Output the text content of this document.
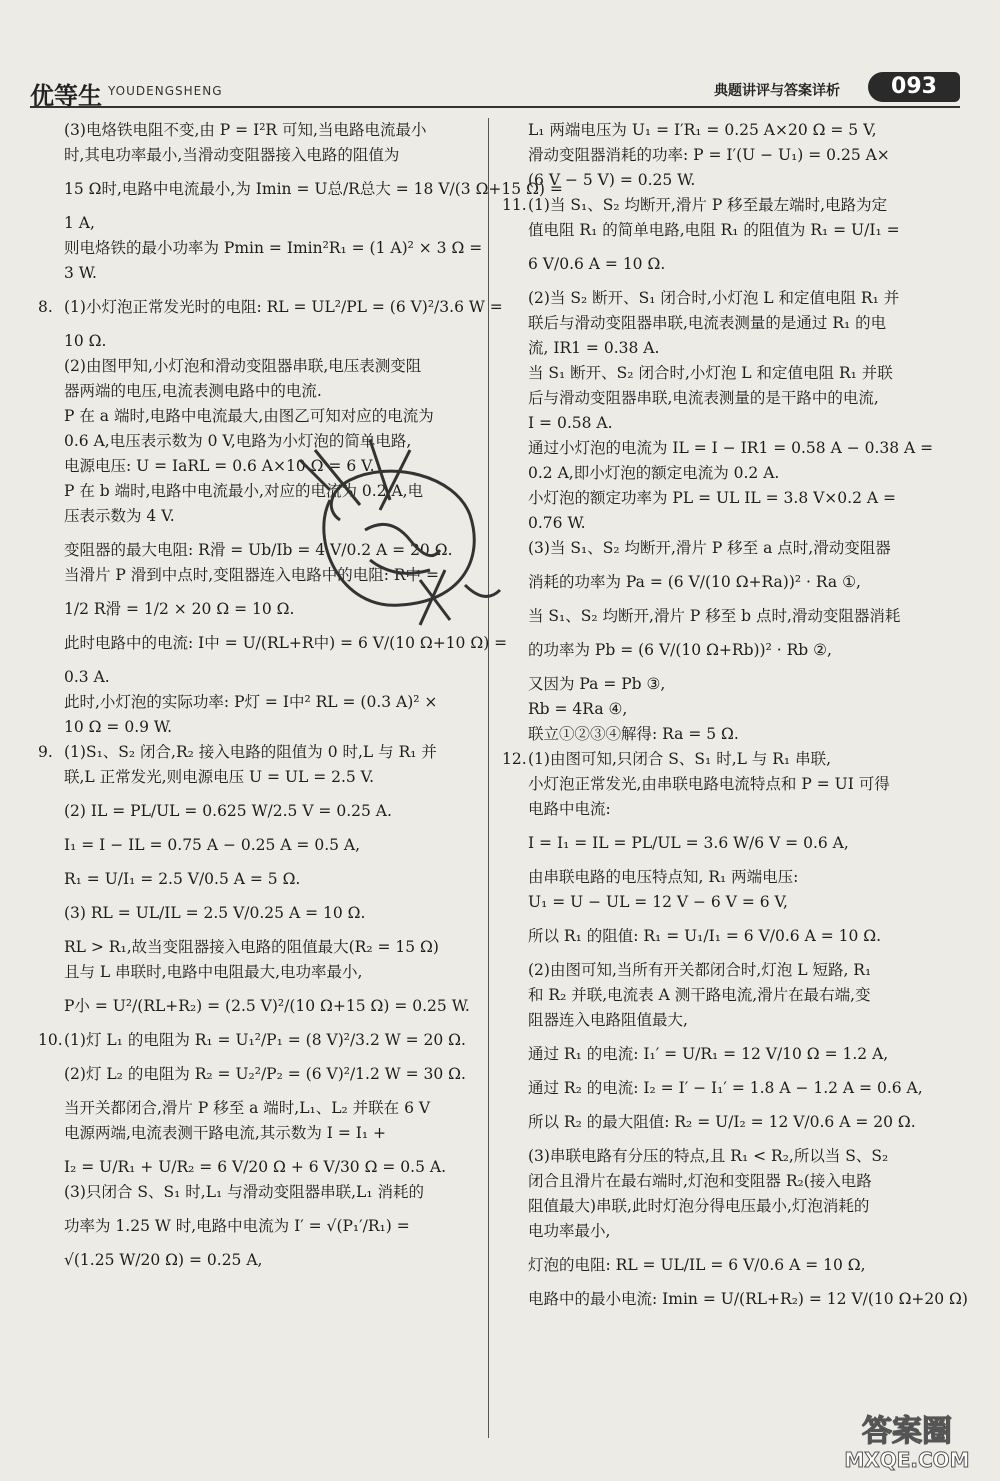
优等生 YOUDENGSHENG	典题讲评与答案详析	093
(3)电烙铁电阻不变,由 P = I²R 可知,当电路电流最小
时,其电功率最小,当滑动变阻器接入电路的阻值为
15 Ω时,电路中电流最小,为 Imin = U总/R总大 = 18 V/(3 Ω+15 Ω) =
1 A,
则电烙铁的最小功率为 Pmin = Imin²R₁ = (1 A)² × 3 Ω =
3 W.
8. (1)小灯泡正常发光时的电阻: RL = UL²/PL = (6 V)²/3.6 W =
10 Ω.
(2)由图甲知,小灯泡和滑动变阻器串联,电压表测变阻
器两端的电压,电流表测电路中的电流.
P 在 a 端时,电路中电流最大,由图乙可知对应的电流为
0.6 A,电压表示数为 0 V,电路为小灯泡的简单电路,
电源电压: U = IaRL = 0.6 A×10 Ω = 6 V.
P 在 b 端时,电路中电流最小,对应的电流为 0.2 A,电
压表示数为 4 V.
变阻器的最大电阻: R滑 = Ub/Ib = 4 V/0.2 A = 20 Ω.
当滑片 P 滑到中点时,变阻器连入电路中的电阻: R中 =
1/2 R滑 = 1/2 × 20 Ω = 10 Ω.
此时电路中的电流: I中 = U/(RL+R中) = 6 V/(10 Ω+10 Ω) =
0.3 A.
此时,小灯泡的实际功率: P灯 = I中² RL = (0.3 A)² ×
10 Ω = 0.9 W.
9. (1)S₁、S₂ 闭合,R₂ 接入电路的阻值为 0 时,L 与 R₁ 并
联,L 正常发光,则电源电压 U = UL = 2.5 V.
(2) IL = PL/UL = 0.625 W/2.5 V = 0.25 A.
I₁ = I − IL = 0.75 A − 0.25 A = 0.5 A,
R₁ = U/I₁ = 2.5 V/0.5 A = 5 Ω.
(3) RL = UL/IL = 2.5 V/0.25 A = 10 Ω.
RL > R₁,故当变阻器接入电路的阻值最大(R₂ = 15 Ω)
且与 L 串联时,电路中电阻最大,电功率最小,
P小 = U²/(RL+R₂) = (2.5 V)²/(10 Ω+15 Ω) = 0.25 W.
10.(1)灯 L₁ 的电阻为 R₁ = U₁²/P₁ = (8 V)²/3.2 W = 20 Ω.
(2)灯 L₂ 的电阻为 R₂ = U₂²/P₂ = (6 V)²/1.2 W = 30 Ω.
当开关都闭合,滑片 P 移至 a 端时,L₁、L₂ 并联在 6 V
电源两端,电流表测干路电流,其示数为 I = I₁ +
I₂ = U/R₁ + U/R₂ = 6 V/20 Ω + 6 V/30 Ω = 0.5 A.
(3)只闭合 S、S₁ 时,L₁ 与滑动变阻器串联,L₁ 消耗的
功率为 1.25 W 时,电路中电流为 I′ = √(P₁′/R₁) =
√(1.25 W/20 Ω) = 0.25 A,
L₁ 两端电压为 U₁ = I′R₁ = 0.25 A×20 Ω = 5 V,
滑动变阻器消耗的功率: P = I′(U − U₁) = 0.25 A×
(6 V − 5 V) = 0.25 W.
11.(1)当 S₁、S₂ 均断开,滑片 P 移至最左端时,电路为定
值电阻 R₁ 的简单电路,电阻 R₁ 的阻值为 R₁ = U/I₁ =
6 V/0.6 A = 10 Ω.
(2)当 S₂ 断开、S₁ 闭合时,小灯泡 L 和定值电阻 R₁ 并
联后与滑动变阻器串联,电流表测量的是通过 R₁ 的电
流, IR1 = 0.38 A.
当 S₁ 断开、S₂ 闭合时,小灯泡 L 和定值电阻 R₁ 并联
后与滑动变阻器串联,电流表测量的是干路中的电流,
I = 0.58 A.
通过小灯泡的电流为 IL = I − IR1 = 0.58 A − 0.38 A =
0.2 A,即小灯泡的额定电流为 0.2 A.
小灯泡的额定功率为 PL = UL IL = 3.8 V×0.2 A =
0.76 W.
(3)当 S₁、S₂ 均断开,滑片 P 移至 a 点时,滑动变阻器
消耗的功率为 Pa = (6 V/(10 Ω+Ra))² · Ra ①,
当 S₁、S₂ 均断开,滑片 P 移至 b 点时,滑动变阻器消耗
的功率为 Pb = (6 V/(10 Ω+Rb))² · Rb ②,
又因为 Pa = Pb ③,
Rb = 4Ra ④,
联立①②③④解得: Ra = 5 Ω.
12.(1)由图可知,只闭合 S、S₁ 时,L 与 R₁ 串联,
小灯泡正常发光,由串联电路电流特点和 P = UI 可得
电路中电流:
I = I₁ = IL = PL/UL = 3.6 W/6 V = 0.6 A,
由串联电路的电压特点知, R₁ 两端电压:
U₁ = U − UL = 12 V − 6 V = 6 V,
所以 R₁ 的阻值: R₁ = U₁/I₁ = 6 V/0.6 A = 10 Ω.
(2)由图可知,当所有开关都闭合时,灯泡 L 短路, R₁
和 R₂ 并联,电流表 A 测干路电流,滑片在最右端,变
阻器连入电路阻值最大,
通过 R₁ 的电流: I₁′ = U/R₁ = 12 V/10 Ω = 1.2 A,
通过 R₂ 的电流: I₂ = I′ − I₁′ = 1.8 A − 1.2 A = 0.6 A,
所以 R₂ 的最大阻值: R₂ = U/I₂ = 12 V/0.6 A = 20 Ω.
(3)串联电路有分压的特点,且 R₁ < R₂,所以当 S、S₂
闭合且滑片在最右端时,灯泡和变阻器 R₂(接入电路
阻值最大)串联,此时灯泡分得电压最小,灯泡消耗的
电功率最小,
灯泡的电阻: RL = UL/IL = 6 V/0.6 A = 10 Ω,
电路中的最小电流: Imin = U/(RL+R₂) = 12 V/(10 Ω+20 Ω)
答案圈
MXQE.COM
